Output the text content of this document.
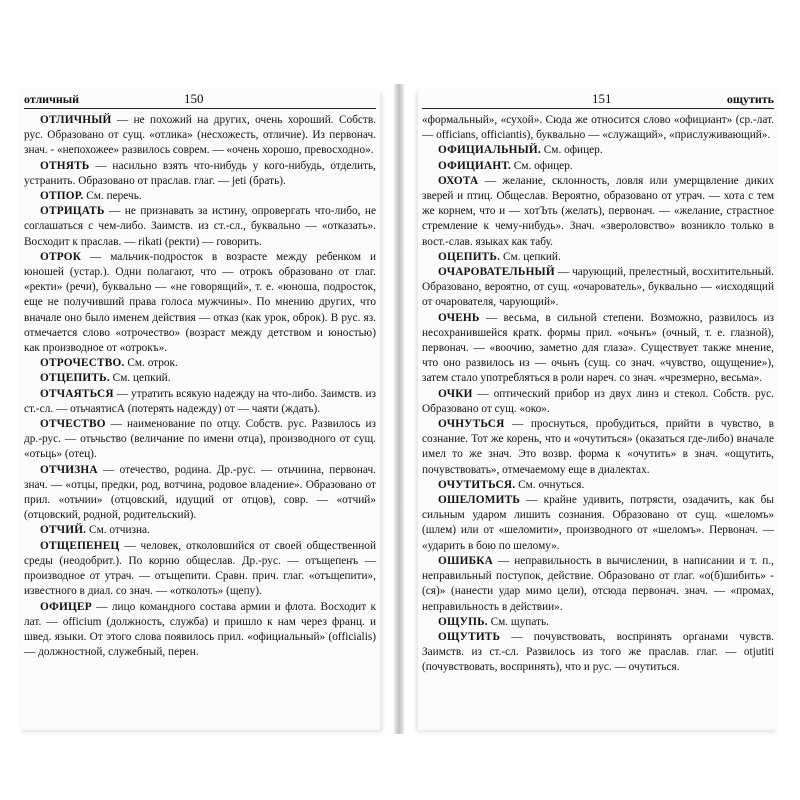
отличный	150

ОТЛИЧНЫЙ — не похожий на других, очень хороший. Собств. рус. Образовано от сущ. «отлика» (несхожесть, отличие). Из первонач. знач. - «непохожее» развилось соврем. — «очень хорошо, превосходно».

ОТНЯТЬ — насильно взять что-нибудь у кого-нибудь, отделить, устранить. Образовано от праслав. глаг. — jeti (брать).

ОТПОР. См. перечь.

ОТРИЦАТЬ — не признавать за истину, опровергать что-либо, не соглашаться с чем-либо. Заимств. из ст.-сл., буквально — «отказать». Восходит к праслав. — rikati (ректи) — говорить.

ОТРОК — мальчик-подросток в возрасте между ребенком и юношей (устар.). Одни полагают, что — отрокъ образовано от глаг. «ректи» (речи), буквально — «не говорящий», т. е. «юноша, подросток, еще не получивший права голоса мужчины». По мнению других, что вначале оно было именем действия — отказ (как урок, оброк). В рус. яз. отмечается слово «отрочество» (возраст между детством и юностью) как производное от «отрокъ».

ОТРОЧЕСТВО. См. отрок.

ОТЦЕПИТЬ. См. цепкий.

ОТЧАЯТЬСЯ — утратить всякую надежду на что-либо. Заимств. из ст.-сл. — отьчаятисА (потерять надежду) от — чаяти (ждать).

ОТЧЕСТВО — наименование по отцу. Собств. рус. Развилось из др.-рус. — отьчьство (величание по имени отца), производного от сущ. «отьць» (отец).

ОТЧИЗНА — отечество, родина. Др.-рус. — отьчиина, первонач. знач. — «отцы, предки, род, вотчина, родовое владение». Образовано от прил. «отьчии» (отцовский, идущий от отцов), совр. — «отчий» (отцовский, родной, родительский).

ОТЧИЙ. См. отчизна.

ОТЩЕПЕНЕЦ — человек, отколовшийся от своей общественной среды (неодобрит.). По корню общеслав. Др.-рус. — отъщепенъ — производное от утрач. — отъщепити. Сравн. прич. глаг. «отъщепити», известного в диал. со знач. — «отколоть» (щепу).

ОФИЦЕР — лицо командного состава армии и флота. Восходит к лат. — officium (должность, служба) и пришло к нам через франц. и швед. языки. От этого слова появилось прил. «официальный» (officialis) — должностной, служебный, перен.

151	ощутить

«формальный», «сухой». Сюда же относится слово «официант» (ср.-лат. — officians, officiantis), буквально — «служащий», «прислуживающий».

ОФИЦИАЛЬНЫЙ. См. офицер.

ОФИЦИАНТ. См. офицер.

ОХОТА — желание, склонность, ловля или умерщвление диких зверей и птиц. Общеслав. Вероятно, образовано от утрач. — хота с тем же корнем, что и — хотЪть (желать), первонач. — «желание, страстное стремление к чему-нибудь». Знач. «звероловство» возникло только в вост.-слав. языках как табу.

ОЦЕПИТЬ. См. цепкий.

ОЧАРОВАТЕЛЬНЫЙ — чарующий, прелестный, восхитительный. Образовано, вероятно, от сущ. «очарователь», буквально — «исходящий от очарователя, чарующий».

ОЧЕНЬ — весьма, в сильной степени. Возможно, развилось из несохранившейся кратк. формы прил. «очьнъ» (очный, т. е. глазной), первонач. — «воочию, заметно для глаза». Существует также мнение, что оно развилось из — очьнъ (сущ. со знач. «чувство, ощущение»), затем стало употребляться в роли нареч. со знач. «чрезмерно, весьма».

ОЧКИ — оптический прибор из двух линз и стекол. Собств. рус. Образовано от сущ. «око».

ОЧНУТЬСЯ — проснуться, пробудиться, прийти в чувство, в сознание. Тот же корень, что и «очутиться» (оказаться где-либо) вначале имел то же знач. Это возвр. форма к «очутить» в знач. «ощутить, почувствовать», отмечаемому еще в диалектах.

ОЧУТИТЬСЯ. См. очнуться.

ОШЕЛОМИТЬ — крайне удивить, потрясти, озадачить, как бы сильным ударом лишить сознания. Образовано от сущ. «шеломъ» (шлем) или от «шеломити», производного от «шеломъ». Первонач. — «ударить в бою по шелому».

ОШИБКА — неправильность в вычислении, в написании и т. п., неправильный поступок, действие. Образовано от глаг. «о(б)шибить» - (ся)» (нанести удар мимо цели), отсюда первонач. знач. — «промах, неправильность в действии».

ОЩУПЬ. См. щупать.

ОЩУТИТЬ — почувствовать, воспринять органами чувств. Заимств. из ст.-сл. Развилось из того же праслав. глаг. — otjutiti (почувствовать, воспринять), что и рус. — очутиться.
